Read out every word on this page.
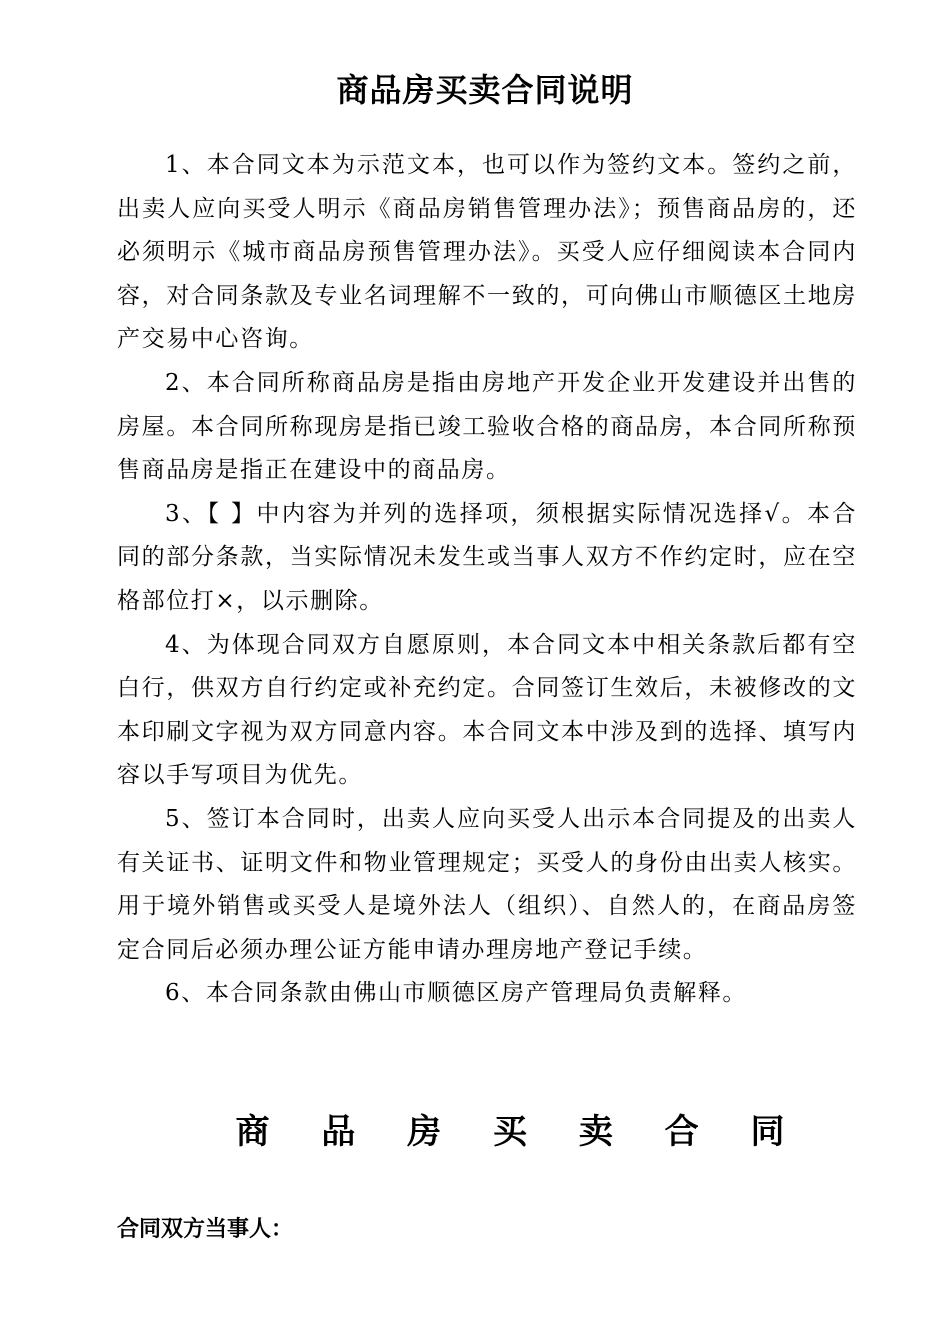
商品房买卖合同说明

1、本合同文本为示范文本，也可以作为签约文本。签约之前，出卖人应向买受人明示《商品房销售管理办法》；预售商品房的，还必须明示《城市商品房预售管理办法》。买受人应仔细阅读本合同内容，对合同条款及专业名词理解不一致的，可向佛山市顺德区土地房产交易中心咨询。

2、本合同所称商品房是指由房地产开发企业开发建设并出售的房屋。本合同所称现房是指已竣工验收合格的商品房，本合同所称预售商品房是指正在建设中的商品房。

3、【 】中内容为并列的选择项，须根据实际情况选择√。本合同的部分条款，当实际情况未发生或当事人双方不作约定时，应在空格部位打×，以示删除。

4、为体现合同双方自愿原则，本合同文本中相关条款后都有空白行，供双方自行约定或补充约定。合同签订生效后，未被修改的文本印刷文字视为双方同意内容。本合同文本中涉及到的选择、填写内容以手写项目为优先。

5、签订本合同时，出卖人应向买受人出示本合同提及的出卖人有关证书、证明文件和物业管理规定；买受人的身份由出卖人核实。用于境外销售或买受人是境外法人（组织）、自然人的，在商品房签定合同后必须办理公证方能申请办理房地产登记手续。

6、本合同条款由佛山市顺德区房产管理局负责解释。

商 品 房 买 卖 合 同
合同双方当事人：
